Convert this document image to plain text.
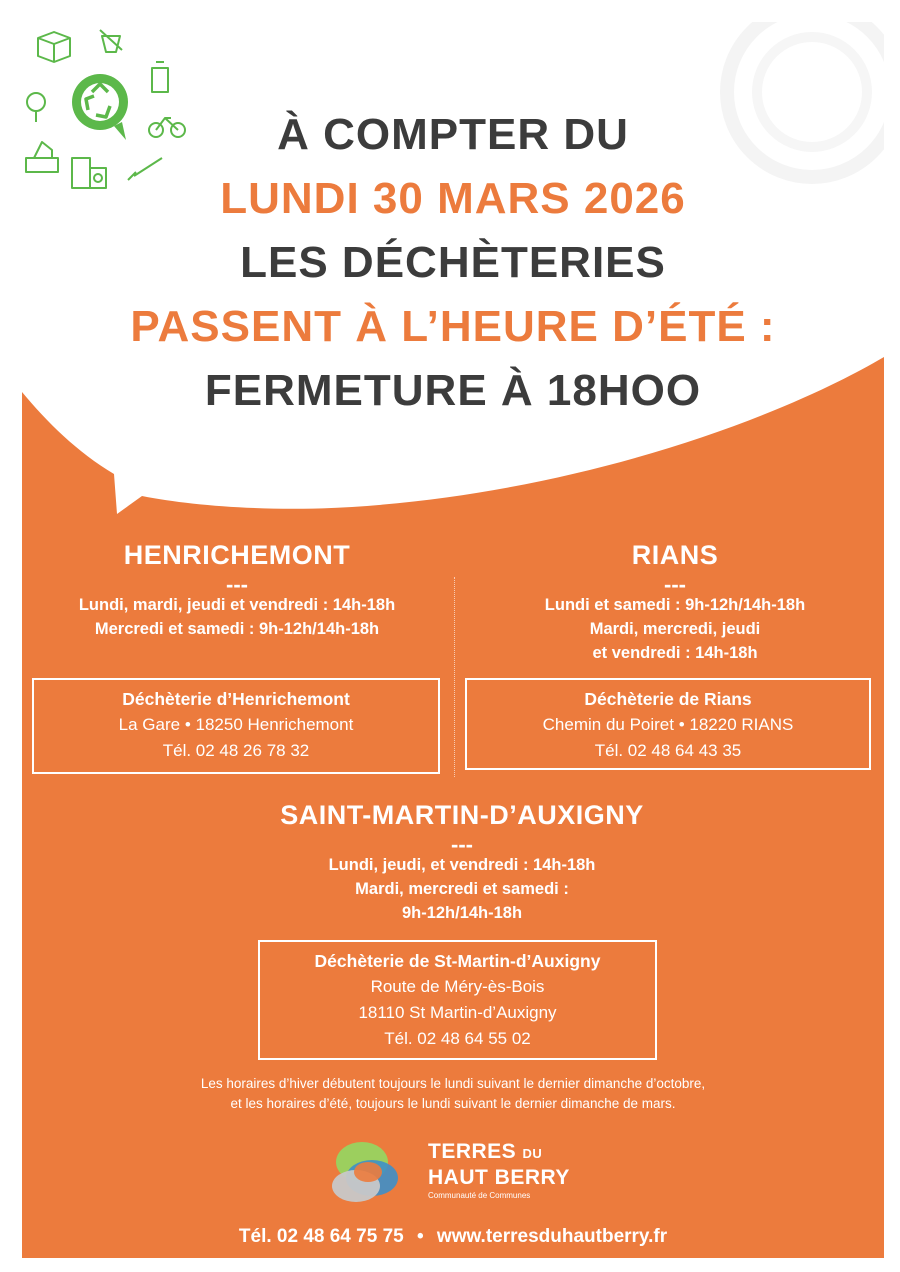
À COMPTER DU
LUNDI 30 MARS 2026
LES DÉCHÈTERIES
PASSENT À L’HEURE D’ÉTÉ :
FERMETURE À 18HOO
HENRICHEMONT
---
Lundi, mardi, jeudi et vendredi : 14h-18h
Mercredi et samedi : 9h-12h/14h-18h
Déchèterie d’Henrichemont
La Gare • 18250 Henrichemont
Tél. 02 48 26 78 32
RIANS
---
Lundi et samedi : 9h-12h/14h-18h
Mardi, mercredi, jeudi
et vendredi : 14h-18h
Déchèterie de Rians
Chemin du Poiret • 18220 RIANS
Tél. 02 48 64 43 35
SAINT-MARTIN-D’AUXIGNY
---
Lundi, jeudi, et vendredi : 14h-18h
Mardi, mercredi et samedi :
9h-12h/14h-18h
Déchèterie de St-Martin-d’Auxigny
Route de Méry-ès-Bois
18110 St Martin-d’Auxigny
Tél. 02 48 64 55 02
Les horaires d’hiver débutent toujours le lundi suivant le dernier dimanche d’octobre,
et les horaires d’été, toujours le lundi suivant le dernier dimanche de mars.
TERRES DU
HAUT BERRY
Communauté de Communes
Tél. 02 48 64 75 75 • www.terresduhautberry.fr
